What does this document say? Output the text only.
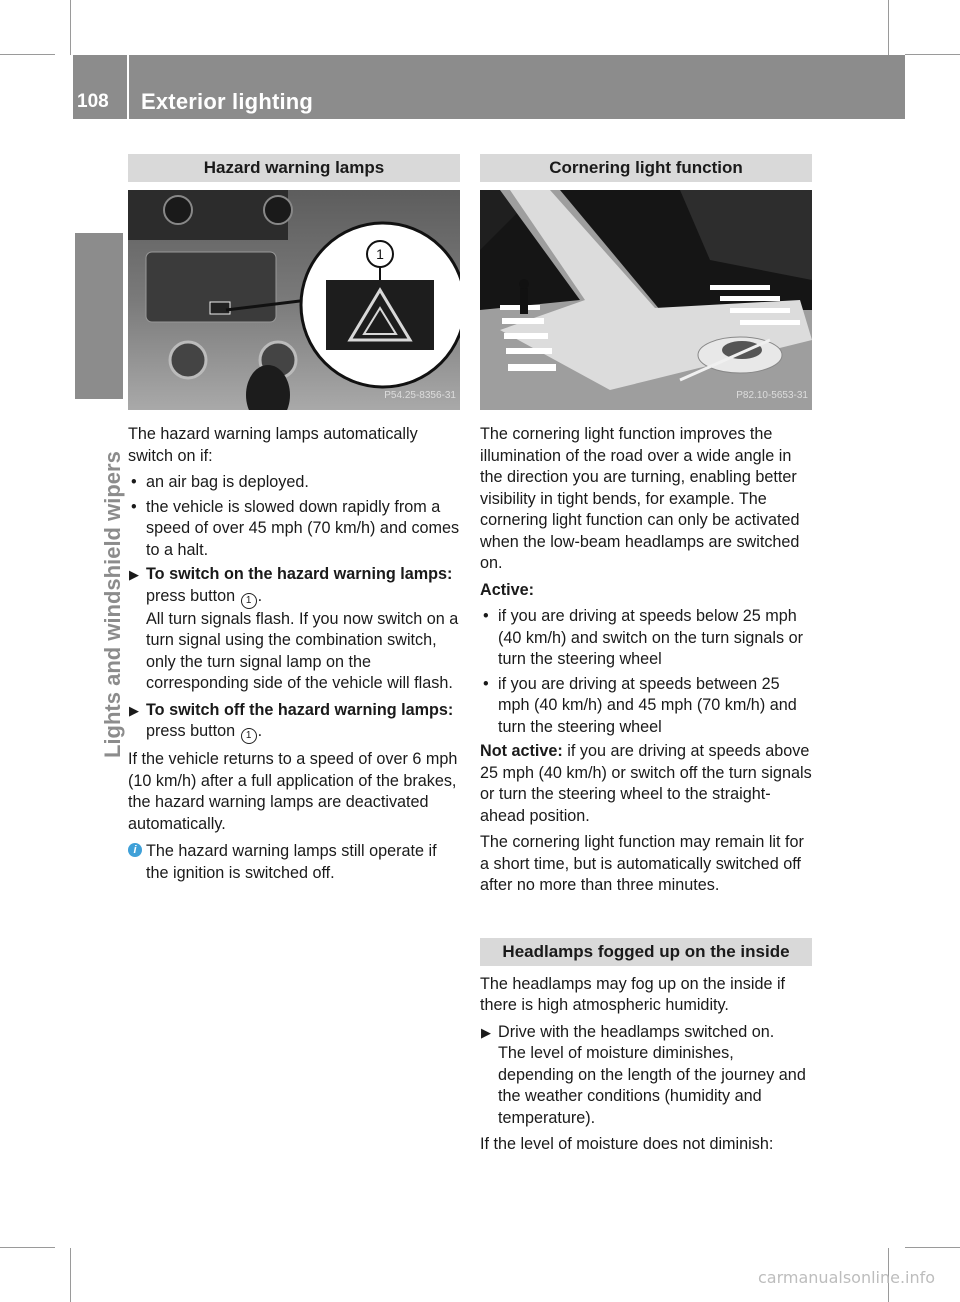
108 Exterior lighting
Lights and windshield wipers
Hazard warning lamps
1
P54.25-8356-31

The hazard warning lamps automatically switch on if:

• an air bag is deployed.
• the vehicle is slowed down rapidly from a speed of over 45 mph (70 km/h) and comes to a halt.
▶ To switch on the hazard warning lamps:
press button 1 .
All turn signals flash. If you now switch on a turn signal using the combination switch, only the turn signal lamp on the corresponding side of the vehicle will flash.
▶ To switch off the hazard warning lamps: press button 1 .

If the vehicle returns to a speed of over 6 mph (10 km/h) after a full application of the brakes, the hazard warning lamps are deactivated automatically.

i The hazard warning lamps still operate if the ignition is switched off.
Cornering light function
P82.10-5653-31

The cornering light function improves the illumination of the road over a wide angle in the direction you are turning, enabling better visibility in tight bends, for example. The cornering light function can only be activated when the low-beam headlamps are switched on.

Active:

• if you are driving at speeds below 25 mph (40 km/h) and switch on the turn signals or turn the steering wheel
• if you are driving at speeds between 25 mph (40 km/h) and 45 mph (70 km/h) and turn the steering wheel

Not active: if you are driving at speeds above 25 mph (40 km/h) or switch off the turn signals or turn the steering wheel to the straight-ahead position.

The cornering light function may remain lit for a short time, but is automatically switched off after no more than three minutes.

Headlamps fogged up on the inside

The headlamps may fog up on the inside if there is high atmospheric humidity.

▶ Drive with the headlamps switched on.
The level of moisture diminishes, depending on the length of the journey and the weather conditions (humidity and temperature).

If the level of moisture does not diminish:

carmanualsonline.info
